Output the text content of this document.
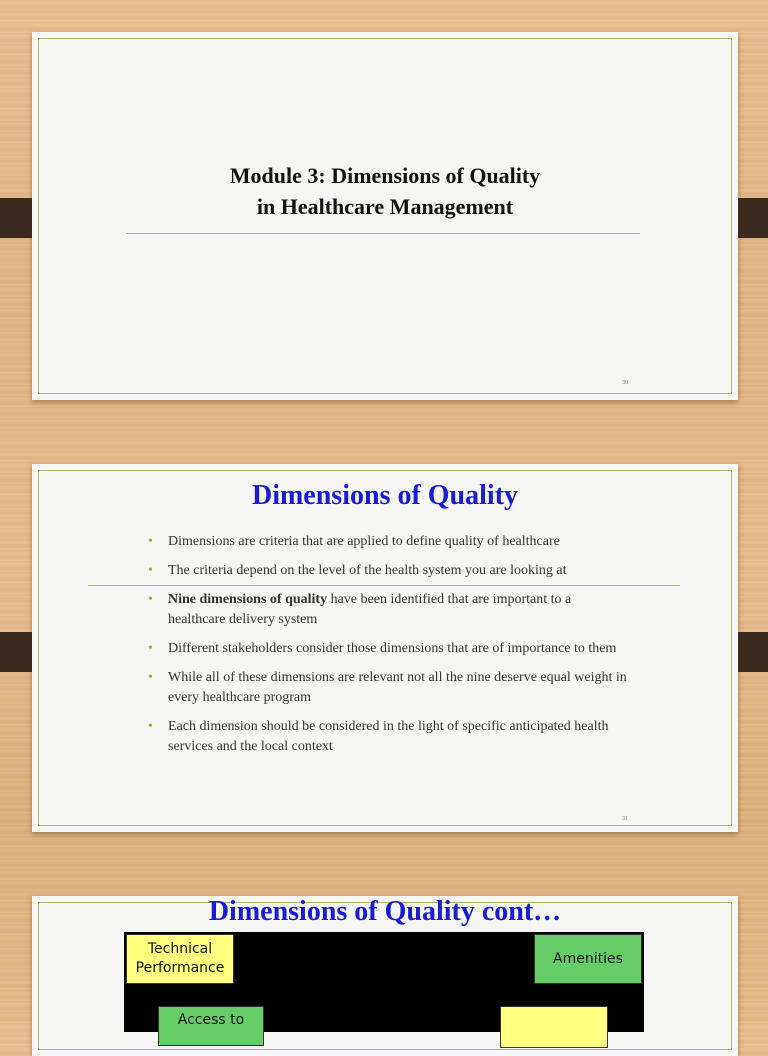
Module 3: Dimensions of Quality
in Healthcare Management
30
Dimensions of Quality
• Dimensions are criteria that are applied to define quality of healthcare
• The criteria depend on the level of the health system you are looking at
• Nine dimensions of quality have been identified that are important to a healthcare delivery system
• Different stakeholders consider those dimensions that are of importance to them
• While all of these dimensions are relevant not all the nine deserve equal weight in every healthcare program
• Each dimension should be considered in the light of specific anticipated health services and the local context
31
Dimensions of Quality cont…
Technical
Performance
Amenities
Access to
